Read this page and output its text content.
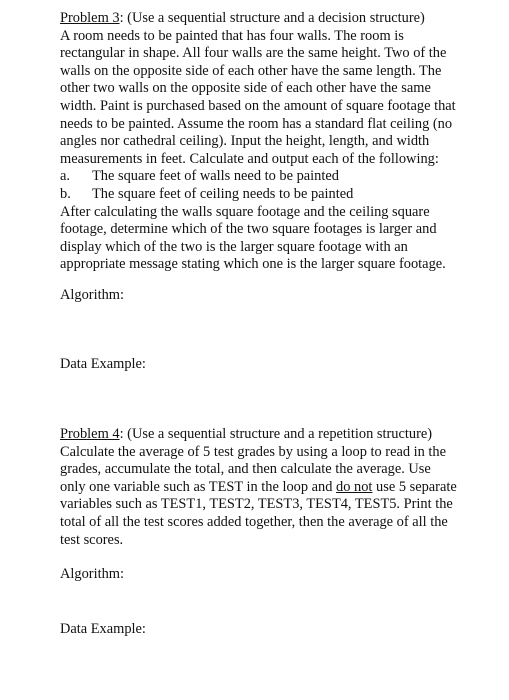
Problem 3: (Use a sequential structure and a decision structure)
A room needs to be painted that has four walls. The room is
rectangular in shape. All four walls are the same height. Two of the
walls on the opposite side of each other have the same length. The
other two walls on the opposite side of each other have the same
width. Paint is purchased based on the amount of square footage that
needs to be painted. Assume the room has a standard flat ceiling (no
angles nor cathedral ceiling). Input the height, length, and width
measurements in feet. Calculate and output each of the following:
a. The square feet of walls need to be painted
b. The square feet of ceiling needs to be painted
After calculating the walls square footage and the ceiling square
footage, determine which of the two square footages is larger and
display which of the two is the larger square footage with an
appropriate message stating which one is the larger square footage.
Algorithm:
Data Example:
Problem 4: (Use a sequential structure and a repetition structure)
Calculate the average of 5 test grades by using a loop to read in the
grades, accumulate the total, and then calculate the average. Use
only one variable such as TEST in the loop and do not use 5 separate
variables such as TEST1, TEST2, TEST3, TEST4, TEST5. Print the
total of all the test scores added together, then the average of all the
test scores.
Algorithm:
Data Example:
